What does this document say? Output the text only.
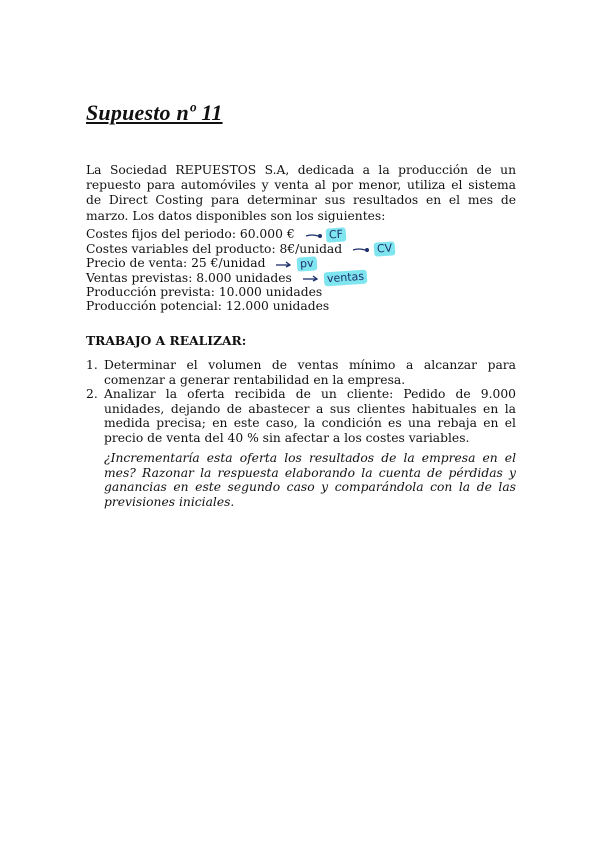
Supuesto nº 11
La Sociedad REPUESTOS S.A, dedicada a la producción de un repuesto para automóviles y venta al por menor, utiliza el sistema de Direct Costing para determinar sus resultados en el mes de marzo. Los datos disponibles son los siguientes:
Costes fijos del periodo: 60.000 €	CF
Costes variables del producto: 8€/unidad	CV
Precio de venta: 25 €/unidad	pv
Ventas previstas: 8.000 unidades	ventas
Producción prevista: 10.000 unidades
Producción potencial: 12.000 unidades
TRABAJO A REALIZAR:
1. Determinar el volumen de ventas mínimo a alcanzar para comenzar a generar rentabilidad en la empresa.
2. Analizar la oferta recibida de un cliente: Pedido de 9.000 unidades, dejando de abastecer a sus clientes habituales en la medida precisa; en este caso, la condición es una rebaja en el precio de venta del 40 % sin afectar a los costes variables.
¿Incrementaría esta oferta los resultados de la empresa en el mes? Razonar la respuesta elaborando la cuenta de pérdidas y ganancias en este segundo caso y comparándola con la de las previsiones iniciales.
